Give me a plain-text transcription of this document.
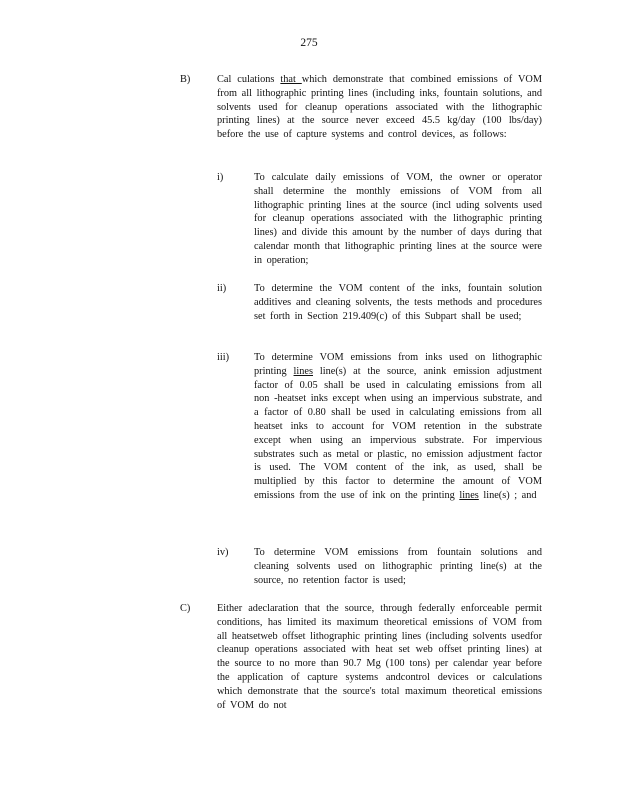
275
B)	Cal culations that which demonstrate that combined emissions of VOM from all lithographic printing lines (including inks, fountain solutions, and solvents used for cleanup operations associated with the lithographic printing lines) at the source never exceed 45.5 kg/day (100 lbs/day) before the use of capture systems and control devices, as follows:
i)	To calculate daily emissions of VOM, the owner or operator shall determine the monthly emissions of VOM from all lithographic printing lines at the source (incl uding solvents used for cleanup operations associated with the lithographic printing lines) and divide this amount by the number of days during that calendar month that lithographic printing lines at the source were in operation;
ii)	To determine the VOM content of the inks, fountain solution additives and cleaning solvents, the tests methods and procedures set forth in Section 219.409(c) of this Subpart shall be used;
iii) To determine VOM emissions from inks used on lithographic printing lines line(s) at the source, anink emission adjustment factor of 0.05 shall be used in calculating emissions from all non -heatset inks except when using an impervious substrate, and a factor of 0.80 shall be used in calculating emissions from all heatset inks to account for VOM retention in the substrate except when using an impervious substrate. For impervious substrates such as metal or plastic, no emission adjustment factor is used. The VOM content of the ink, as used, shall be multiplied by this factor to determine the amount of VOM emissions from the use of ink on the printing lines line(s) ; and
iv) To determine VOM emissions from fountain solutions and cleaning solvents used on lithographic printing line(s) at the source, no retention factor is used;
C)	Either adeclaration that the source, through federally enforceable permit conditions, has limited its maximum theoretical emissions of VOM from all heatsetweb offset lithographic printing lines (including solvents usedfor cleanup operations associated with heat set web offset printing lines) at the source to no more than 90.7 Mg (100 tons) per calendar year before the application of capture systems andcontrol devices or calculations which demonstrate that the source's total maximum theoretical emissions of VOM do not
